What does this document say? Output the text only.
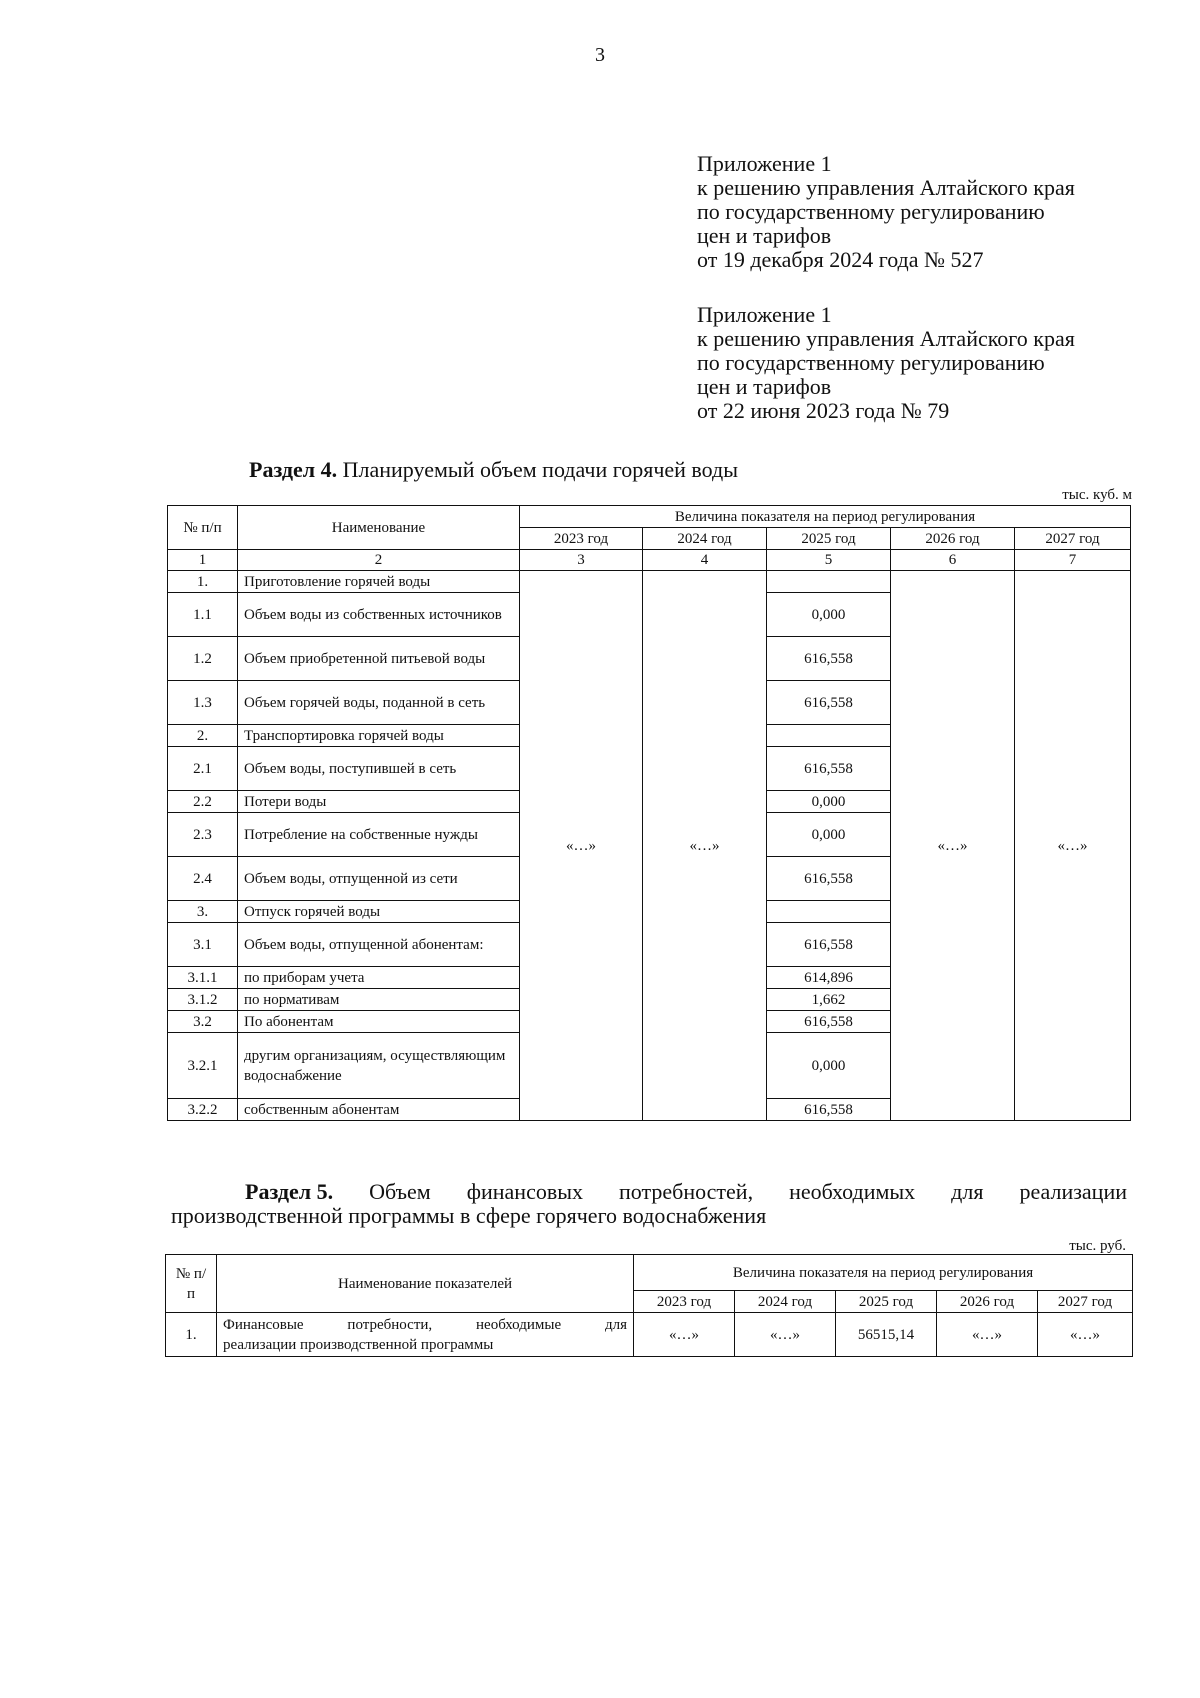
3
Приложение 1
к решению управления Алтайского края
по государственному регулированию
цен и тарифов
от 19 декабря 2024 года № 527
Приложение 1
к решению управления Алтайского края
по государственному регулированию
цен и тарифов
от 22 июня 2023 года № 79
Раздел 4. Планируемый объем подачи горячей воды
тыс. куб. м
№ п/п	Наименование	Величина показателя на период регулирования				
		2023 год	2024 год	2025 год	2026 год	2027 год
1	2	3	4	5	6	7
1.	Приготовление горячей воды	«…»	«…»		«…»	«…»
1.1	Объем воды из собственных источников			0,000		
1.2	Объем приобретенной питьевой воды			616,558		
1.3	Объем горячей воды, поданной в сеть			616,558		
2.	Транспортировка горячей воды					
2.1	Объем воды, поступившей в сеть			616,558		
2.2	Потери воды			0,000		
2.3	Потребление на собственные нужды			0,000		
2.4	Объем воды, отпущенной из сети			616,558		
3.	Отпуск горячей воды					
3.1	Объем воды, отпущенной абонентам:			616,558		
3.1.1	по приборам учета			614,896		
3.1.2	по нормативам			1,662		
3.2	По абонентам			616,558		
3.2.1	другим организациям, осуществляющим водоснабжение			0,000		
3.2.2	собственным абонентам			616,558		
Раздел 5. Объем финансовых потребностей, необходимых для реализации
производственной программы в сфере горячего водоснабжения
тыс. руб.
№ п/п	Наименование показателей	Величина показателя на период регулирования				
		2023 год	2024 год	2025 год	2026 год	2027 год
1.	Финансовые потребности, необходимые для
реализации производственной программы	«…»	«…»	56515,14	«…»	«…»
